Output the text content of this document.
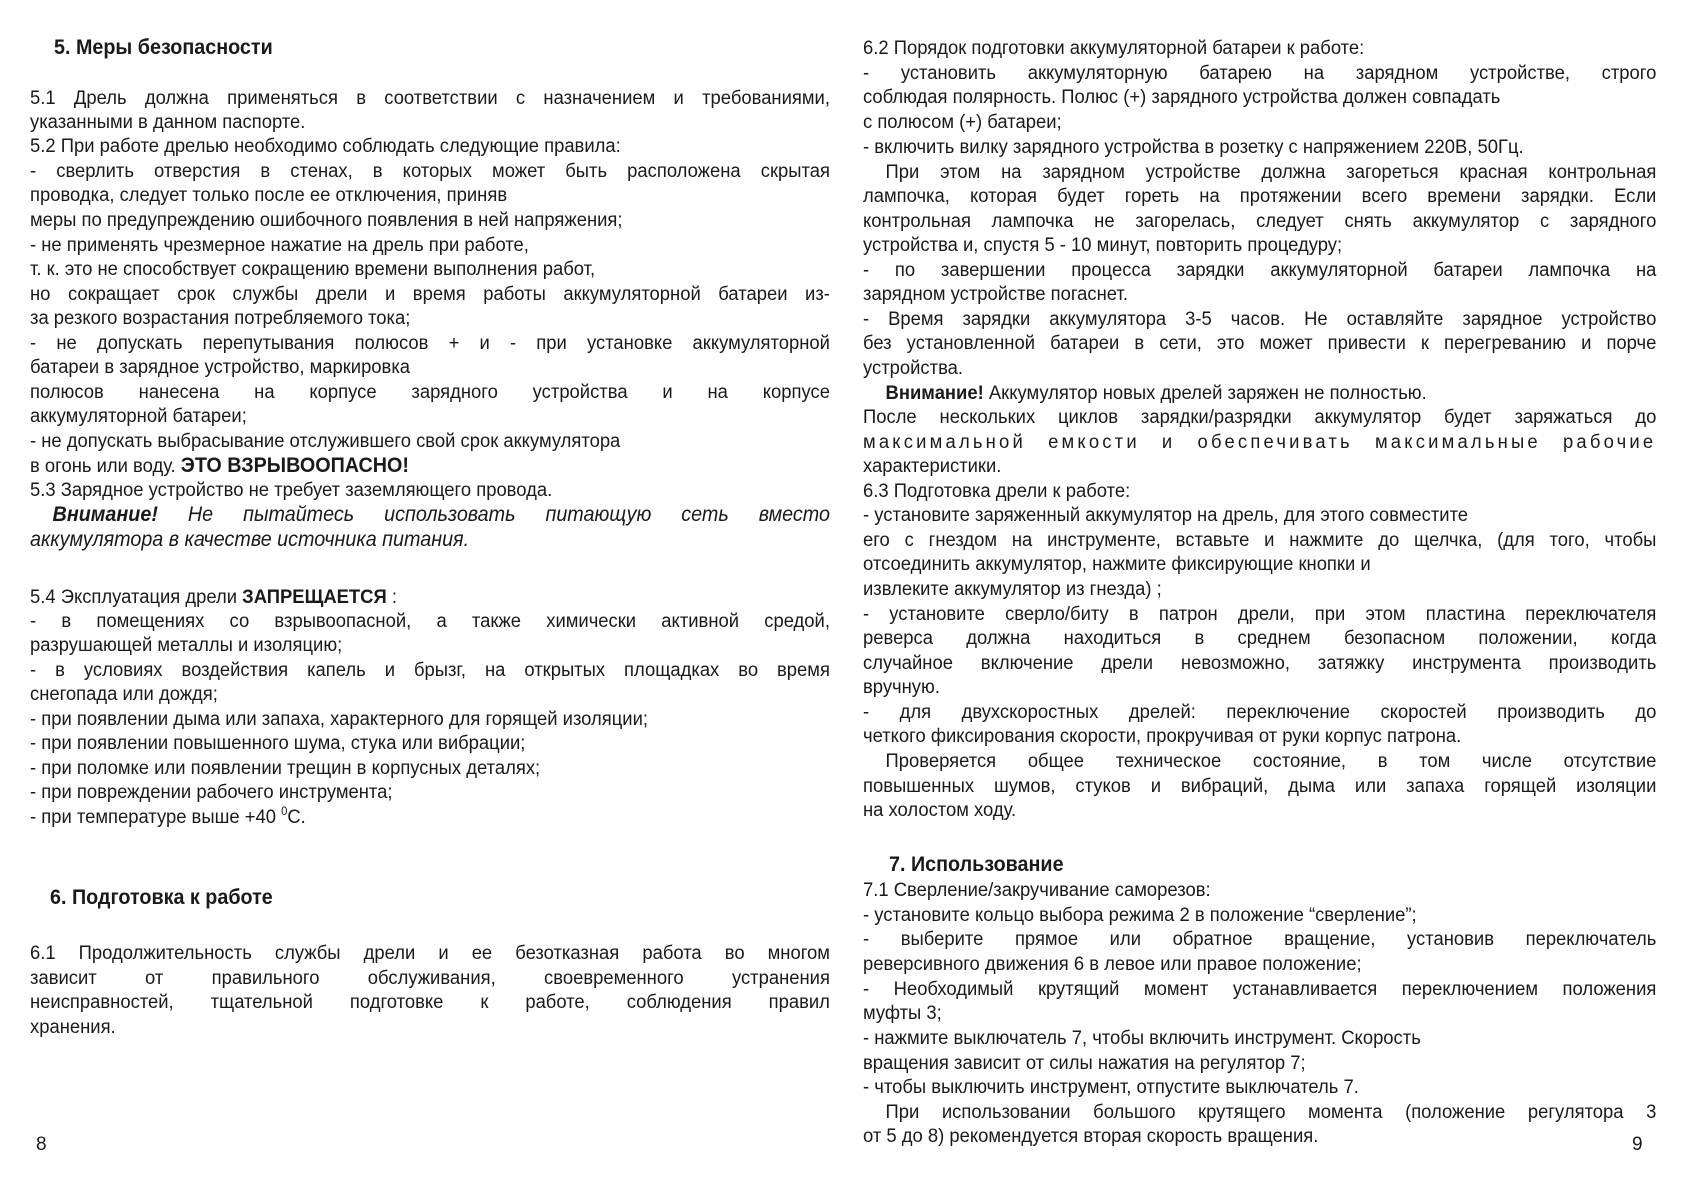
5. Меры безопасности
5.1 Дрель должна применяться в соответствии с назначением и требованиями,
указанными в данном паспорте.
5.2 При работе дрелью необходимо соблюдать следующие правила:
- сверлить отверстия в стенах, в которых может быть расположена скрытая
проводка, следует только после ее отключения, приняв
меры по предупреждению ошибочного появления в ней напряжения;
- не применять чрезмерное нажатие на дрель при работе,
т. к. это не способствует сокращению времени выполнения работ,
но сокращает срок службы дрели и время работы аккумуляторной батареи из-
за резкого возрастания потребляемого тока;
- не допускать перепутывания полюсов + и - при установке аккумуляторной
батареи в зарядное устройство, маркировка
полюсов нанесена на корпусе зарядного устройства и на корпусе
аккумуляторной батареи;
- не допускать выбрасывание отслужившего свой срок аккумулятора
в огонь или воду. ЭТО ВЗРЫВООПАСНО!
5.3 Зарядное устройство не требует заземляющего провода.
Внимание! Не пытайтесь использовать питающую сеть вместо
аккумулятора в качестве источника питания.
5.4 Эксплуатация дрели ЗАПРЕЩАЕТСЯ :
- в помещениях со взрывоопасной, а также химически активной средой,
разрушающей металлы и изоляцию;
- в условиях воздействия капель и брызг, на открытых площадках во время
снегопада или дождя;
- при появлении дыма или запаха, характерного для горящей изоляции;
- при появлении повышенного шума, стука или вибрации;
- при поломке или появлении трещин в корпусных деталях;
- при повреждении рабочего инструмента;
- при температуре выше +40 $^0$С.
6. Подготовка к работе
6.1 Продолжительность службы дрели и ее безотказная работа во многом
зависит от правильного обслуживания, своевременного устранения
неисправностей, тщательной подготовке к работе, соблюдения правил
хранения.
8
6.2 Порядок подготовки аккумуляторной батареи к работе:
- установить аккумуляторную батарею на зарядном устройстве, строго
соблюдая полярность. Полюс (+) зарядного устройства должен совпадать
с полюсом (+) батареи;
- включить вилку зарядного устройства в розетку с напряжением 220В, 50Гц.
При этом на зарядном устройстве должна загореться красная контрольная
лампочка, которая будет гореть на протяжении всего времени зарядки. Если
контрольная лампочка не загорелась, следует снять аккумулятор с зарядного
устройства и, спустя 5 - 10 минут, повторить процедуру;
- по завершении процесса зарядки аккумуляторной батареи лампочка на
зарядном устройстве погаснет.
- Время зарядки аккумулятора 3-5 часов. Не оставляйте зарядное устройство
без установленной батареи в сети, это может привести к перегреванию и порче
устройства.
Внимание! Аккумулятор новых дрелей заряжен не полностью.
После нескольких циклов зарядки/разрядки аккумулятор будет заряжаться до
максимальной емкости и обеспечивать максимальные рабочие
характеристики.
6.3 Подготовка дрели к работе:
- установите заряженный аккумулятор на дрель, для этого совместите
его с гнездом на инструменте, вставьте и нажмите до щелчка, (для того, чтобы
отсоединить аккумулятор, нажмите фиксирующие кнопки и
извлеките аккумулятор из гнезда) ;
- установите сверло/биту в патрон дрели, при этом пластина переключателя
реверса должна находиться в среднем безопасном положении, когда
случайное включение дрели невозможно, затяжку инструмента производить
вручную.
- для двухскоростных дрелей: переключение скоростей производить до
четкого фиксирования скорости, прокручивая от руки корпус патрона.
Проверяется общее техническое состояние, в том числе отсутствие
повышенных шумов, стуков и вибраций, дыма или запаха горящей изоляции
на холостом ходу.
7. Использование
7.1 Сверление/закручивание саморезов:
- установите кольцо выбора режима 2 в положение “сверление”;
- выберите прямое или обратное вращение, установив переключатель
реверсивного движения 6 в левое или правое положение;
- Необходимый крутящий момент устанавливается переключением положения
муфты 3;
- нажмите выключатель 7, чтобы включить инструмент. Скорость
вращения зависит от силы нажатия на регулятор 7;
- чтобы выключить инструмент, отпустите выключатель 7.
При использовании большого крутящего момента (положение регулятора 3
от 5 до 8) рекомендуется вторая скорость вращения.	9
